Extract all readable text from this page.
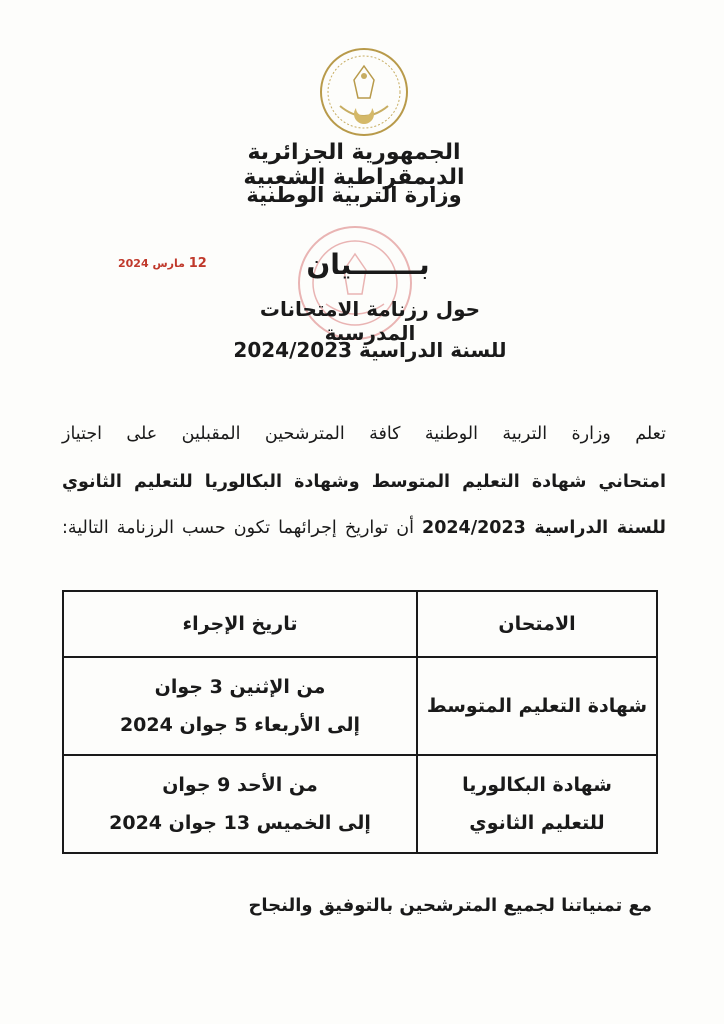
الجمهورية الجزائرية الديمقراطية الشعبية
وزارة التربية الوطنية
12 مارس 2024	بـــــــيان
حول رزنامة الامتحانات المدرسية
للسنة الدراسية 2024/2023
تعلم وزارة التربية الوطنية كافة المترشحين المقبلين على اجتياز
امتحاني شهادة التعليم المتوسط وشهادة البكالوريا للتعليم الثانوي
للسنة الدراسية 2024/2023 أن تواريخ إجرائهما تكون حسب الرزنامة التالية:
الامتحان	تاريخ الإجراء

شهادة التعليم المتوسط	من الإثنين 3 جوان
إلى الأربعاء 5 جوان 2024

شهادة البكالوريا
للتعليم الثانوي	من الأحد 9 جوان
إلى الخميس 13 جوان 2024
مع تمنياتنا لجميع المترشحين بالتوفيق والنجاح
